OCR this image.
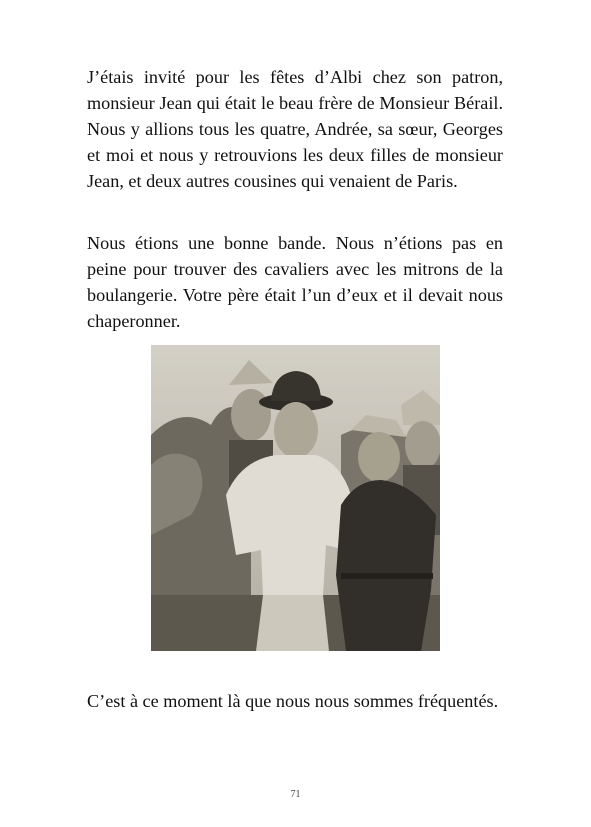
J’étais invité pour les fêtes d’Albi chez son patron, monsieur Jean qui était le beau frère de Monsieur Bérail. Nous y allions tous les quatre, Andrée, sa sœur, Georges et moi et nous y retrouvions les deux filles de monsieur Jean, et deux autres cousines qui venaient de Paris.

Nous étions une bonne bande. Nous n’étions pas en peine pour trouver des cavaliers avec les mitrons de la boulangerie. Votre père était l’un d’eux et il devait nous chaperonner.

C’est à ce moment là que nous nous sommes fréquentés.

71
